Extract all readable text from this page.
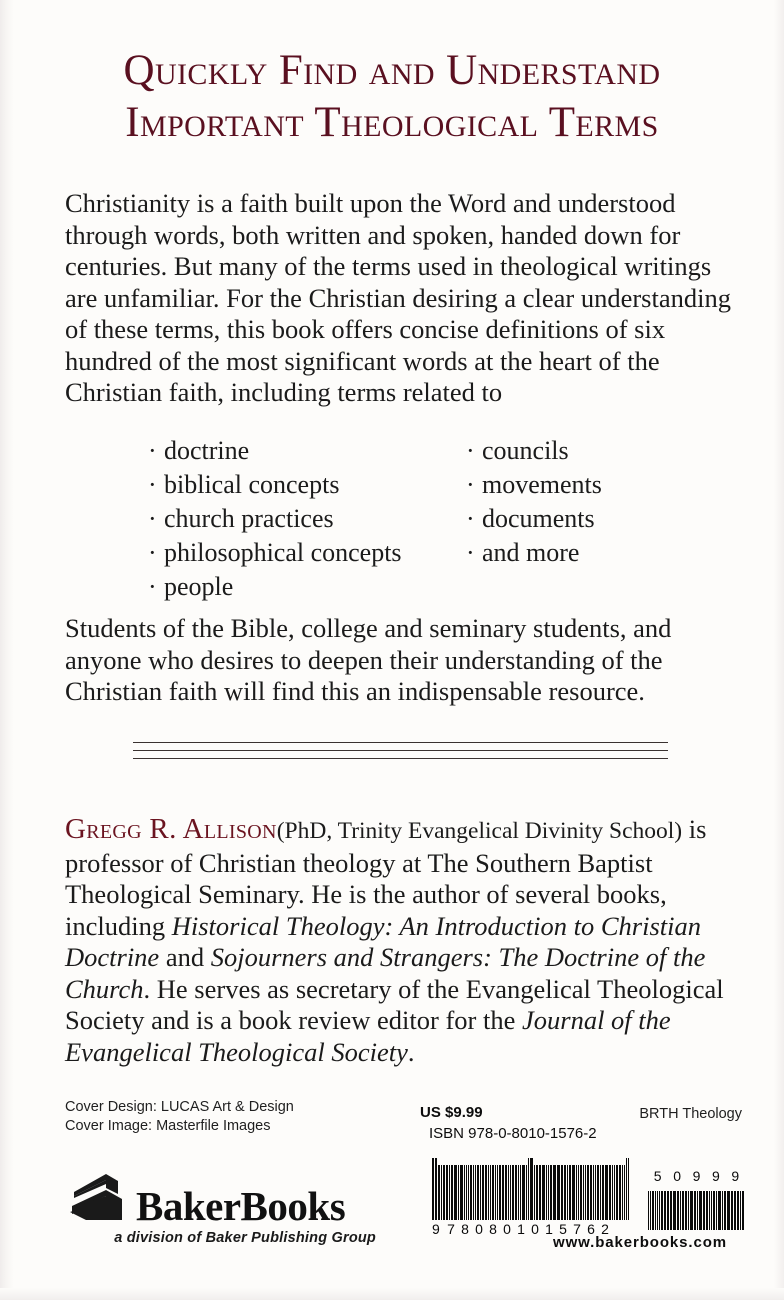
Quickly Find and Understand
Important Theological Terms
Christianity is a faith built upon the Word and understood through words, both written and spoken, handed down for centuries. But many of the terms used in theological writings are unfamiliar. For the Christian desiring a clear understanding of these terms, this book offers concise definitions of six hundred of the most significant words at the heart of the Christian faith, including terms related to
· doctrine
· biblical concepts
· church practices
· philosophical concepts
· people
· councils
· movements
· documents
· and more
Students of the Bible, college and seminary students, and anyone who desires to deepen their understanding of the Christian faith will find this an indispensable resource.
Gregg R. Allison(PhD, Trinity Evangelical Divinity School) is professor of Christian theology at The Southern Baptist Theological Seminary. He is the author of several books, including Historical Theology: An Introduction to Christian Doctrine and Sojourners and Strangers: The Doctrine of the Church. He serves as secretary of the Evangelical Theological Society and is a book review editor for the Journal of the Evangelical Theological Society.
Cover Design: LUCAS Art & Design
Cover Image: Masterfile Images
US $9.99
ISBN 978-0-8010-1576-2
BRTH Theology
BakerBooks
a division of Baker Publishing Group
9 7 8 0 8 0 1 0 1 5 7 6 2
5 0 9 9 9
www.bakerbooks.com
